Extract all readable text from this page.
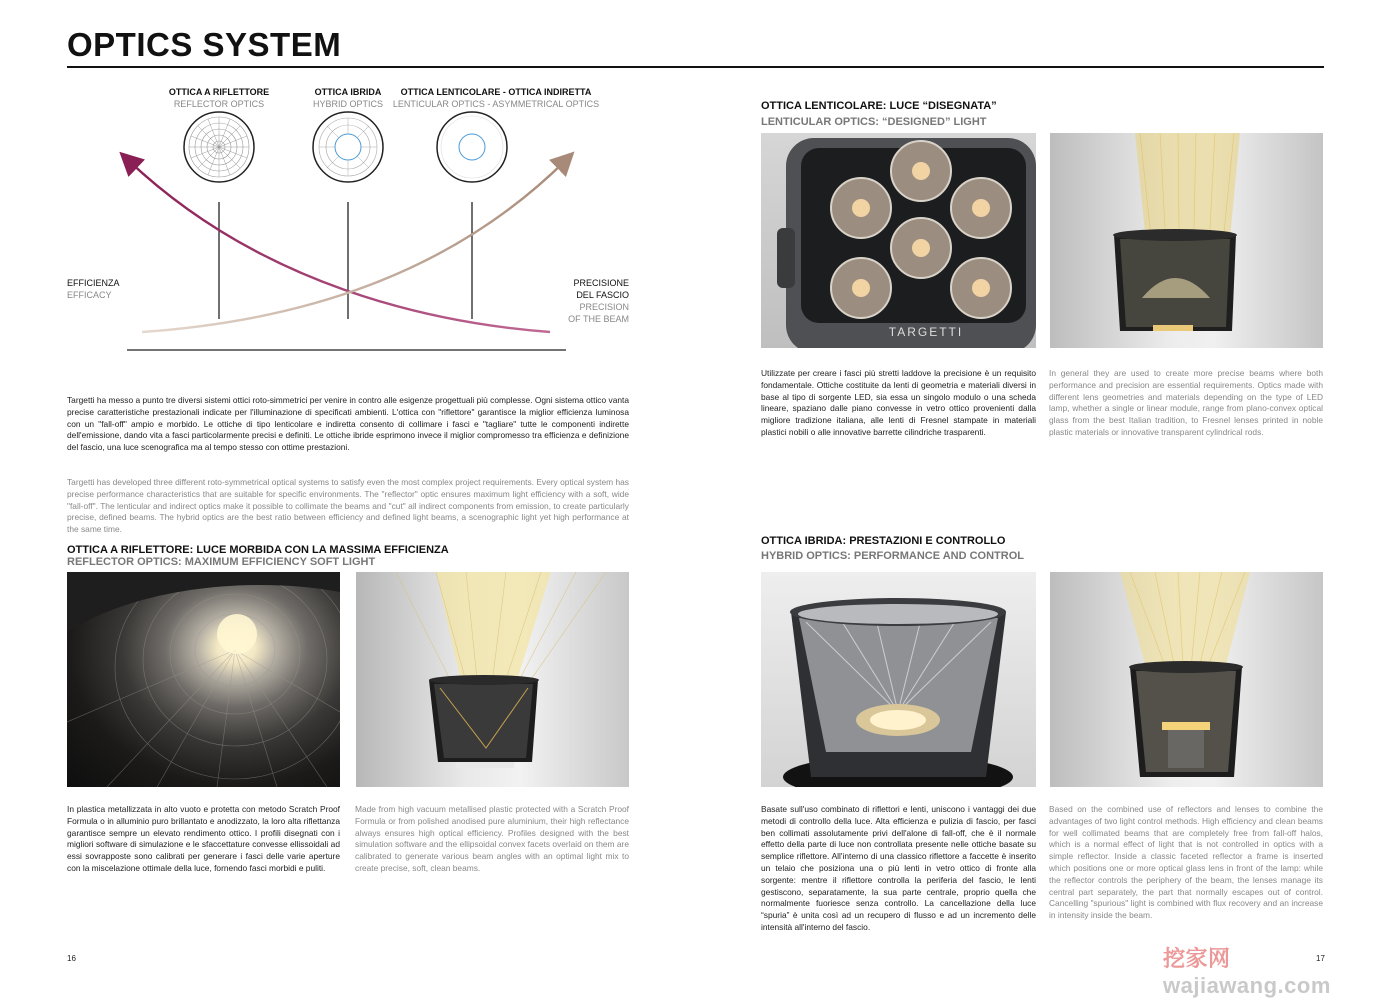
OPTICS SYSTEM
OTTICA A RIFLETTORE
REFLECTOR OPTICS
OTTICA IBRIDA
HYBRID OPTICS
OTTICA LENTICOLARE - OTTICA INDIRETTA
LENTICULAR OPTICS - ASYMMETRICAL OPTICS
EFFICIENZA
EFFICACY
PRECISIONE
DEL FASCIO
PRECISION
OF THE BEAM
Targetti ha messo a punto tre diversi sistemi ottici roto-simmetrici per venire in contro alle esigenze progettuali più complesse. Ogni sistema ottico vanta precise caratteristiche prestazionali indicate per l'illuminazione di specificati ambienti. L'ottica con "riflettore" garantisce la miglior efficienza luminosa con un "fall-off" ampio e morbido. Le ottiche di tipo lenticolare e indiretta consento di collimare i fasci e "tagliare" tutte le componenti indirette dell'emissione, dando vita a fasci particolarmente precisi e definiti. Le ottiche ibride esprimono invece il miglior compromesso tra efficienza e definizione del fascio, una luce scenografica ma al tempo stesso con ottime prestazioni.
Targetti has developed three different roto-symmetrical optical systems to satisfy even the most complex project requirements. Every optical system has precise performance characteristics that are suitable for specific environments. The "reflector" optic ensures maximum light efficiency with a soft, wide "fall-off". The lenticular and indirect optics make it possible to collimate the beams and "cut" all indirect components from emission, to create particularly precise, defined beams. The hybrid optics are the best ratio between efficiency and defined light beams, a scenographic light yet high performance at the same time.
OTTICA A RIFLETTORE: LUCE MORBIDA CON LA MASSIMA EFFICIENZA
REFLECTOR OPTICS: MAXIMUM EFFICIENCY SOFT LIGHT
In plastica metallizzata in alto vuoto e protetta con metodo Scratch Proof Formula o in alluminio puro brillantato e anodizzato, la loro alta riflettanza garantisce sempre un elevato rendimento ottico. I profili disegnati con i migliori software di simulazione e le sfaccettature convesse ellissoidali ad essi sovrapposte sono calibrati per generare i fasci delle varie aperture con la miscelazione ottimale della luce, fornendo fasci morbidi e puliti.
Made from high vacuum metallised plastic protected with a Scratch Proof Formula or from polished anodised pure aluminium, their high reflectance always ensures high optical efficiency. Profiles designed with the best simulation software and the ellipsoidal convex facets overlaid on them are calibrated to generate various beam angles with an optimal light mix to create precise, soft, clean beams.
OTTICA LENTICOLARE: LUCE “DISEGNATA”
LENTICULAR OPTICS: “DESIGNED” LIGHT
TARGETTI
Utilizzate per creare i fasci più stretti laddove la precisione è un requisito fondamentale. Ottiche costituite da lenti di geometria e materiali diversi in base al tipo di sorgente LED, sia essa un singolo modulo o una scheda lineare, spaziano dalle piano convesse in vetro ottico provenienti dalla migliore tradizione italiana, alle lenti di Fresnel stampate in materiali plastici nobili o alle innovative barrette cilindriche trasparenti.
In general they are used to create more precise beams where both performance and precision are essential requirements. Optics made with different lens geometries and materials depending on the type of LED lamp, whether a single or linear module, range from plano-convex optical glass from the best Italian tradition, to Fresnel lenses printed in noble plastic materials or innovative transparent cylindrical rods.
OTTICA IBRIDA: PRESTAZIONI E CONTROLLO
HYBRID OPTICS: PERFORMANCE AND CONTROL
Basate sull'uso combinato di riflettori e lenti, uniscono i vantaggi dei due metodi di controllo della luce. Alta efficienza e pulizia di fascio, per fasci ben collimati assolutamente privi dell'alone di fall-off, che è il normale effetto della parte di luce non controllata presente nelle ottiche basate su semplice riflettore. All'interno di una classico riflettore a faccette è inserito un telaio che posiziona una o più lenti in vetro ottico di fronte alla sorgente: mentre il riflettore controlla la periferia del fascio, le lenti gestiscono, separatamente, la sua parte centrale, proprio quella che normalmente fuoriesce senza controllo. La cancellazione della luce “spuria” è unita così ad un recupero di flusso e ad un incremento delle intensità all'interno del fascio.
Based on the combined use of reflectors and lenses to combine the advantages of two light control methods. High efficiency and clean beams for well collimated beams that are completely free from fall-off halos, which is a normal effect of light that is not controlled in optics with a simple reflector. Inside a classic faceted reflector a frame is inserted which positions one or more optical glass lens in front of the lamp: while the reflector controls the periphery of the beam, the lenses manage its central part separately, the part that normally escapes out of control. Cancelling "spurious" light is combined with flux recovery and an increase in intensity inside the beam.
16	17
挖家网 wajiawang.com
